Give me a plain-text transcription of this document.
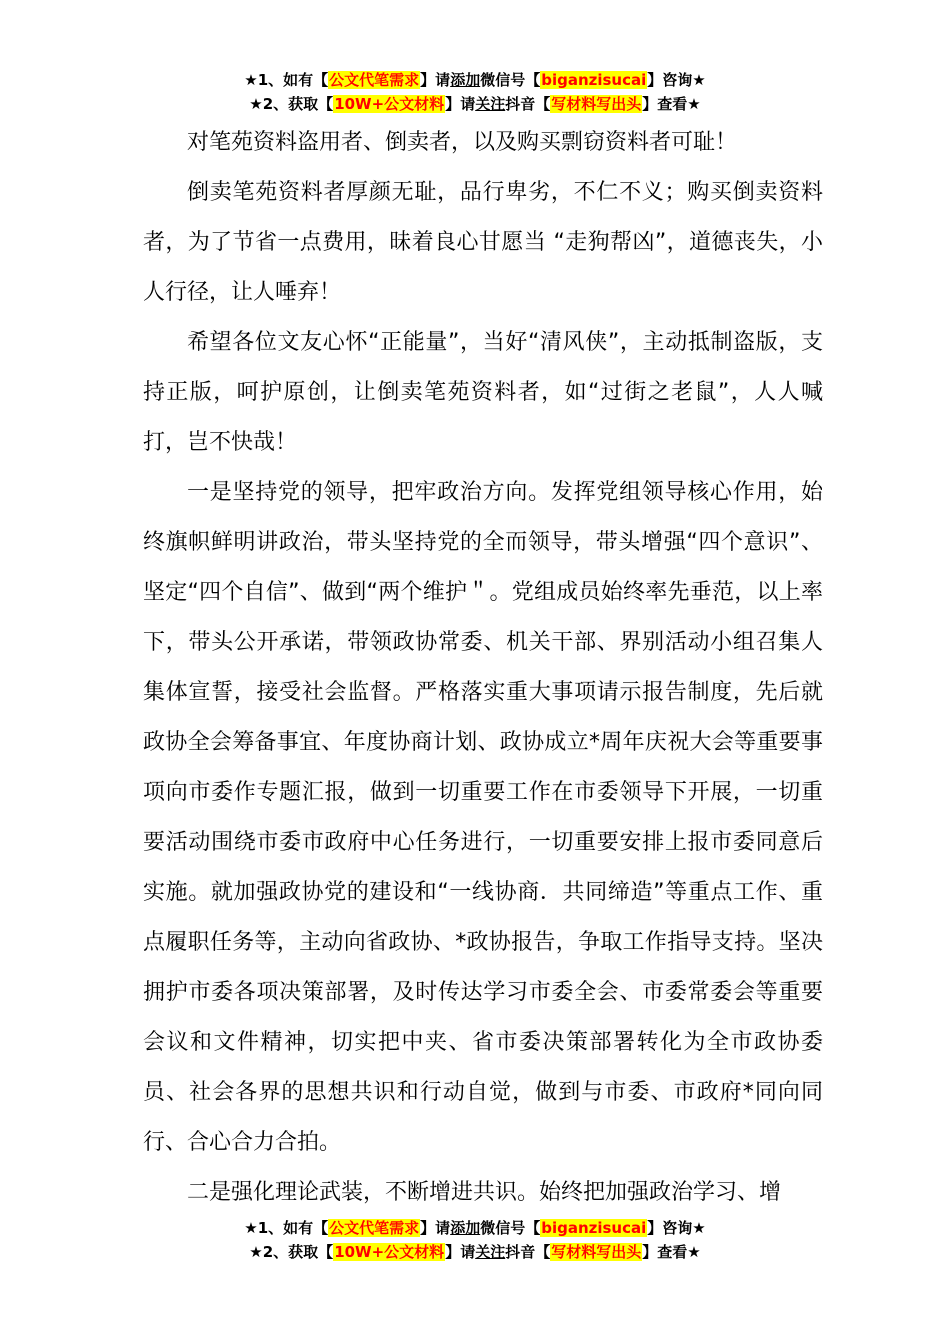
★1、如有【公文代笔需求】请添加微信号【biganzisucai】咨询★
★2、获取【10W+公文材料】请关注抖音【写材料写出头】查看★

对笔苑资料盗用者、倒卖者，以及购买剽窃资料者可耻！

倒卖笔苑资料者厚颜无耻，品行卑劣，不仁不义；购买倒卖资料者，为了节省一点费用，昧着良心甘愿当 “走狗帮凶”，道德丧失，小人行径，让人唾弃！

希望各位文友心怀“正能量”，当好“清风侠”，主动抵制盗版，支持正版，呵护原创，让倒卖笔苑资料者，如“过街之老鼠”，人人喊打，岂不快哉！

一是坚持党的领导，把牢政治方向。发挥党组领导核心作用，始终旗帜鲜明讲政治，带头坚持党的全而领导，带头增强“四个意识”、坚定“四个自信”、做到“两个维护＂。党组成员始终率先垂范，以上率下，带头公开承诺，带领政协常委、机关干部、界别活动小组召集人集体宣誓，接受社会监督。严格落实重大事项请示报告制度，先后就政协全会筹备事宜、年度协商计划、政协成立*周年庆祝大会等重要事项向市委作专题汇报，做到一切重要工作在市委领导下开展，一切重要活动围绕市委市政府中心任务进行，一切重要安排上报市委同意后实施。就加强政协党的建设和“一线协商．共同缔造”等重点工作、重点履职任务等，主动向省政协、*政协报告，争取工作指导支持。坚决拥护市委各项决策部署，及时传达学习市委全会、市委常委会等重要会议和文件精神，切实把中夹、省市委决策部署转化为全市政协委员、社会各界的思想共识和行动自觉，做到与市委、市政府*同向同行、合心合力合拍。

二是强化理论武装，不断增进共识。始终把加强政治学习、增

★1、如有【公文代笔需求】请添加微信号【biganzisucai】咨询★
★2、获取【10W+公文材料】请关注抖音【写材料写出头】查看★
